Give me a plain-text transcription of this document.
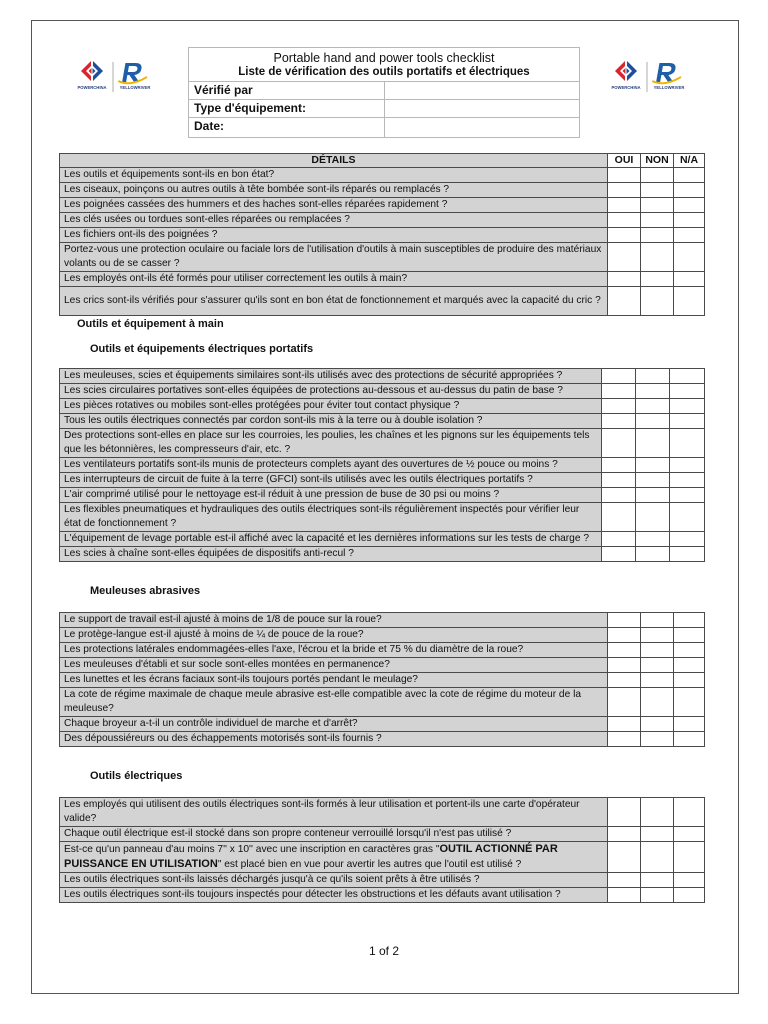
POWERCHINA	YELLOWRIVER
Portable hand and power tools checklist
Liste de vérification des outils portatifs et électriques
Vérifié par
Type d'équipement:
Date:
POWERCHINA	YELLOWRIVER
DÉTAILS	OUI	NON	N/A
Les outils et équipements sont-ils en bon état?			
Les ciseaux, poinçons ou autres outils à tête bombée sont-ils réparés ou remplacés ?			
Les poignées cassées des hummers et des haches sont-elles réparées rapidement ?			
Les clés usées ou tordues sont-elles réparées ou remplacées ?			
Les fichiers ont-ils des poignées ?			
Portez-vous une protection oculaire ou faciale lors de l'utilisation d'outils à main susceptibles de produire des matériaux volants ou de se casser ?			
Les employés ont-ils été formés pour utiliser correctement les outils à main?			
Les crics sont-ils vérifiés pour s'assurer qu'ils sont en bon état de fonctionnement et marqués avec la capacité du cric ?			
Outils et équipement à main
Outils et équipements électriques portatifs
Les meuleuses, scies et équipements similaires sont-ils utilisés avec des protections de sécurité appropriées ?			
Les scies circulaires portatives sont-elles équipées de protections au-dessous et au-dessus du patin de base ?			
Les pièces rotatives ou mobiles sont-elles protégées pour éviter tout contact physique ?			
Tous les outils électriques connectés par cordon sont-ils mis à la terre ou à double isolation ?			
Des protections sont-elles en place sur les courroies, les poulies, les chaînes et les pignons sur les équipements tels que les bétonnières, les compresseurs d'air, etc. ?			
Les ventilateurs portatifs sont-ils munis de protecteurs complets ayant des ouvertures de ½ pouce ou moins ?			
Les interrupteurs de circuit de fuite à la terre (GFCI) sont-ils utilisés avec les outils électriques portatifs ?			
L'air comprimé utilisé pour le nettoyage est-il réduit à une pression de buse de 30 psi ou moins ?			
Les flexibles pneumatiques et hydrauliques des outils électriques sont-ils régulièrement inspectés pour vérifier leur état de fonctionnement ?			
L'équipement de levage portable est-il affiché avec la capacité et les dernières informations sur les tests de charge ?			
Les scies à chaîne sont-elles équipées de dispositifs anti-recul ?			
Meuleuses abrasives
Le support de travail est-il ajusté à moins de 1/8 de pouce sur la roue?			
Le protège-langue est-il ajusté à moins de ¼ de pouce de la roue?			
Les protections latérales endommagées-elles l'axe, l'écrou et la bride et 75 % du diamètre de la roue?			
Les meuleuses d'établi et sur socle sont-elles montées en permanence?			
Les lunettes et les écrans faciaux sont-ils toujours portés pendant le meulage?			
La cote de régime maximale de chaque meule abrasive est-elle compatible avec la cote de régime du moteur de la meuleuse?			
Chaque broyeur a-t-il un contrôle individuel de marche et d'arrêt?			
Des dépoussiéreurs ou des échappements motorisés sont-ils fournis ?			
Outils électriques
Les employés qui utilisent des outils électriques sont-ils formés à leur utilisation et portent-ils une carte d'opérateur valide?			
Chaque outil électrique est-il stocké dans son propre conteneur verrouillé lorsqu'il n'est pas utilisé ?			
Est-ce qu'un panneau d'au moins 7'' x 10'' avec une inscription en caractères gras "OUTIL ACTIONNÉ PAR PUISSANCE EN UTILISATION" est placé bien en vue pour avertir les autres que l'outil est utilisé ?			
Les outils électriques sont-ils laissés déchargés jusqu'à ce qu'ils soient prêts à être utilisés ?			
Les outils électriques sont-ils toujours inspectés pour détecter les obstructions et les défauts avant utilisation ?			
1 of 2
